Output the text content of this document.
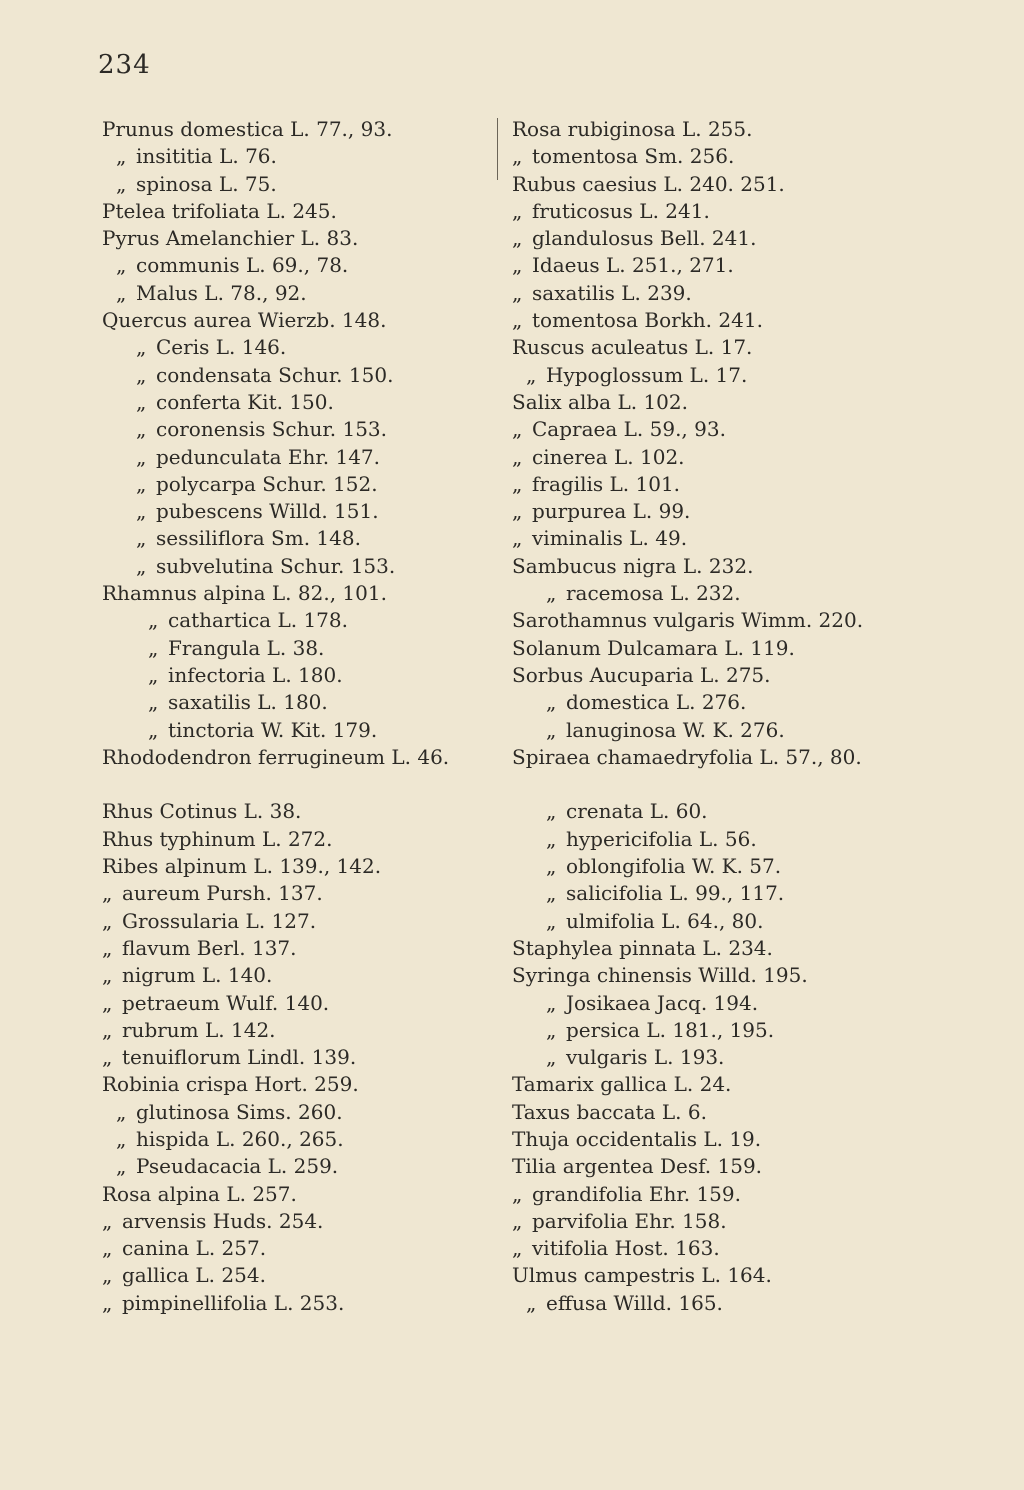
234
Prunus domestica L. 77., 93.
„ insititia L. 76.
„ spinosa L. 75.
Ptelea trifoliata L. 245.
Pyrus Amelanchier L. 83.
„ communis L. 69., 78.
„ Malus L. 78., 92.
Quercus aurea Wierzb. 148.
„ Ceris L. 146.
„ condensata Schur. 150.
„ conferta Kit. 150.
„ coronensis Schur. 153.
„ pedunculata Ehr. 147.
„ polycarpa Schur. 152.
„ pubescens Willd. 151.
„ sessiliflora Sm. 148.
„ subvelutina Schur. 153.
Rhamnus alpina L. 82., 101.
„ cathartica L. 178.
„ Frangula L. 38.
„ infectoria L. 180.
„ saxatilis L. 180.
„ tinctoria W. Kit. 179.
Rhododendron ferrugineum L. 46.
Rhus Cotinus L. 38.
Rhus typhinum L. 272.
Ribes alpinum L. 139., 142.
„ aureum Pursh. 137.
„ Grossularia L. 127.
„ flavum Berl. 137.
„ nigrum L. 140.
„ petraeum Wulf. 140.
„ rubrum L. 142.
„ tenuiflorum Lindl. 139.
Robinia crispa Hort. 259.
„ glutinosa Sims. 260.
„ hispida L. 260., 265.
„ Pseudacacia L. 259.
Rosa alpina L. 257.
„ arvensis Huds. 254.
„ canina L. 257.
„ gallica L. 254.
„ pimpinellifolia L. 253.
Rosa rubiginosa L. 255.
„ tomentosa Sm. 256.
Rubus caesius L. 240. 251.
„ fruticosus L. 241.
„ glandulosus Bell. 241.
„ Idaeus L. 251., 271.
„ saxatilis L. 239.
„ tomentosa Borkh. 241.
Ruscus aculeatus L. 17.
„ Hypoglossum L. 17.
Salix alba L. 102.
„ Capraea L. 59., 93.
„ cinerea L. 102.
„ fragilis L. 101.
„ purpurea L. 99.
„ viminalis L. 49.
Sambucus nigra L. 232.
„ racemosa L. 232.
Sarothamnus vulgaris Wimm. 220.
Solanum Dulcamara L. 119.
Sorbus Aucuparia L. 275.
„ domestica L. 276.
„ lanuginosa W. K. 276.
Spiraea chamaedryfolia L. 57., 80.
„ crenata L. 60.
„ hypericifolia L. 56.
„ oblongifolia W. K. 57.
„ salicifolia L. 99., 117.
„ ulmifolia L. 64., 80.
Staphylea pinnata L. 234.
Syringa chinensis Willd. 195.
„ Josikaea Jacq. 194.
„ persica L. 181., 195.
„ vulgaris L. 193.
Tamarix gallica L. 24.
Taxus baccata L. 6.
Thuja occidentalis L. 19.
Tilia argentea Desf. 159.
„ grandifolia Ehr. 159.
„ parvifolia Ehr. 158.
„ vitifolia Host. 163.
Ulmus campestris L. 164.
„ effusa Willd. 165.
